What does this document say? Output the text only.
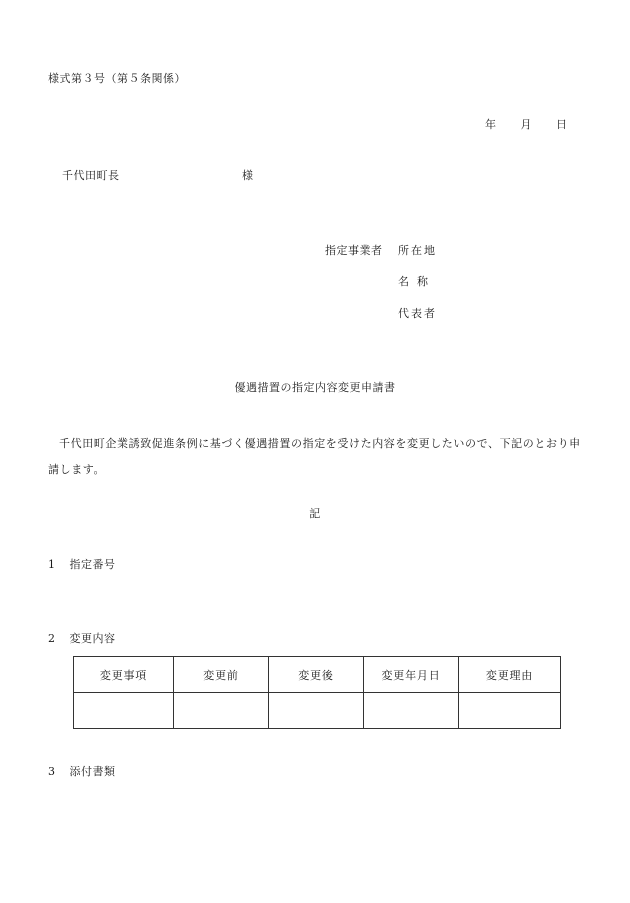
様式第３号（第５条関係）
年 月 日
千代田町長	様
指定事業者 所在地
名称
代表者
優遇措置の指定内容変更申請書
千代田町企業誘致促進条例に基づく優遇措置の指定を受けた内容を変更したいので、下記のとおり申請します。
記
1 指定番号
2 変更内容
変更事項	変更前	変更後	変更年月日	変更理由

3 添付書類
